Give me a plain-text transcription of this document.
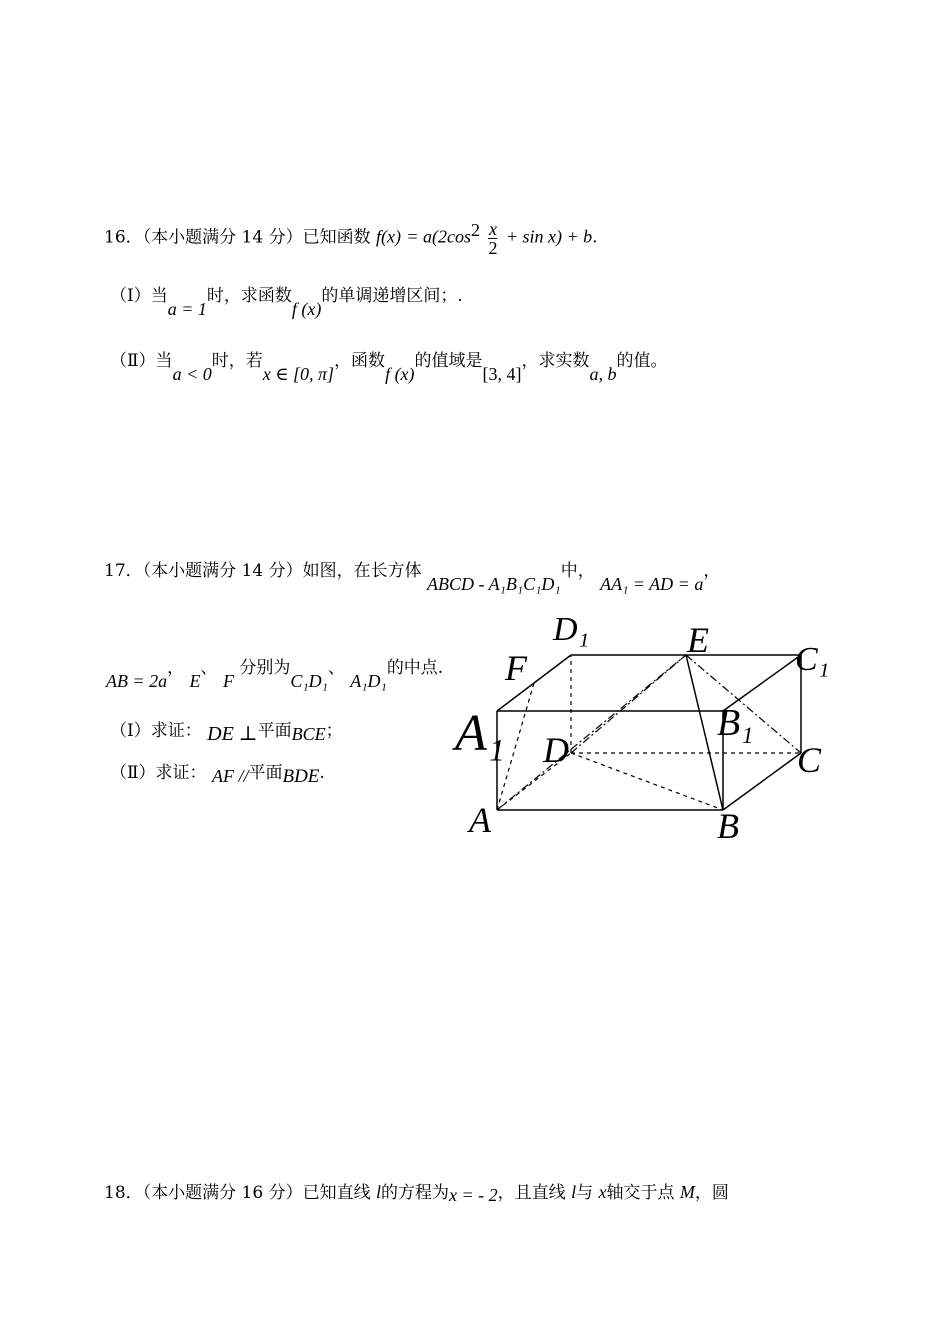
16．（本小题满分 14 分）已知函数 $f(x) = a(2\cos^2 \frac{x}{2} + \sin x) + b$.
（Ⅰ）当a = 1时，求函数f (x)的单调递增区间；.
（Ⅱ）当a < 0时，若x ∈ [0, π]，函数f (x)的值域是[3, 4]，求实数a, b的值。
17．（本小题满分 14 分）如图，在长方体 ABCD - A₁B₁C₁D₁中， AA₁ = AD = a，
AB = 2a， E、 F 分别为C₁D₁、 A₁D₁的中点.
（Ⅰ）求证： DE ⊥平面BCE；
（Ⅱ）求证： AF //平面BDE.
D₁	E	C₁
F
A₁	B₁
D	C
A	B
18．（本小题满分 16 分）已知直线 l的方程为x = - 2，且直线 l与 x轴交于点 M，圆
